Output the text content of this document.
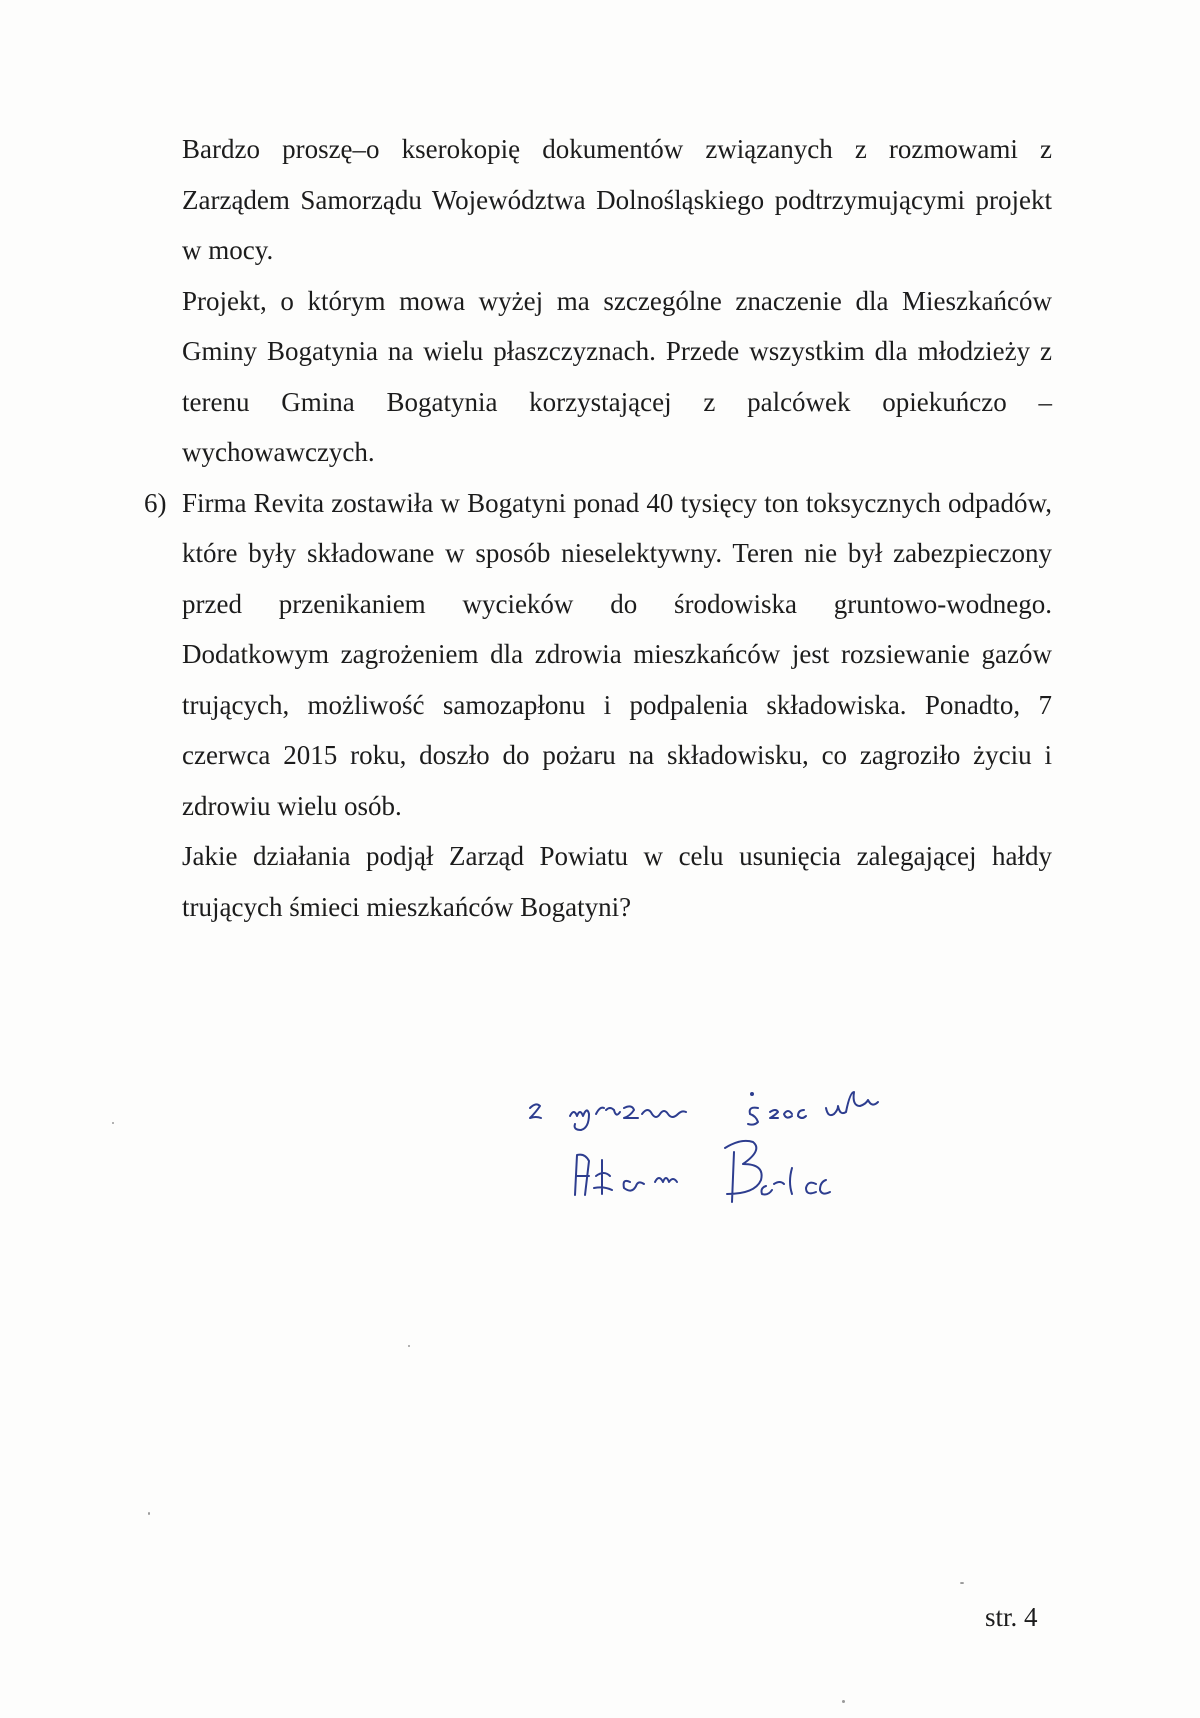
Bardzo proszę–o kserokopię dokumentów związanych z rozmowami z Zarządem Samorządu Województwa Dolnośląskiego podtrzymującymi projekt w mocy.

Projekt, o którym mowa wyżej ma szczególne znaczenie dla Mieszkańców Gminy Bogatynia na wielu płaszczyznach. Przede wszystkim dla młodzieży z terenu Gmina Bogatynia korzystającej z palcówek opiekuńczo – wychowawczych.

6) Firma Revita zostawiła w Bogatyni ponad 40 tysięcy ton toksycznych odpadów, które były składowane w sposób nieselektywny. Teren nie był zabezpieczony przed przenikaniem wycieków do środowiska gruntowo-wodnego. Dodatkowym zagrożeniem dla zdrowia mieszkańców jest rozsiewanie gazów trujących, możliwość samozapłonu i podpalenia składowiska. Ponadto, 7 czerwca 2015 roku, doszło do pożaru na składowisku, co zagroziło życiu i zdrowiu wielu osób.

Jakie działania podjął Zarząd Powiatu w celu usunięcia zalegającej hałdy trujących śmieci mieszkańców Bogatyni?

str. 4
